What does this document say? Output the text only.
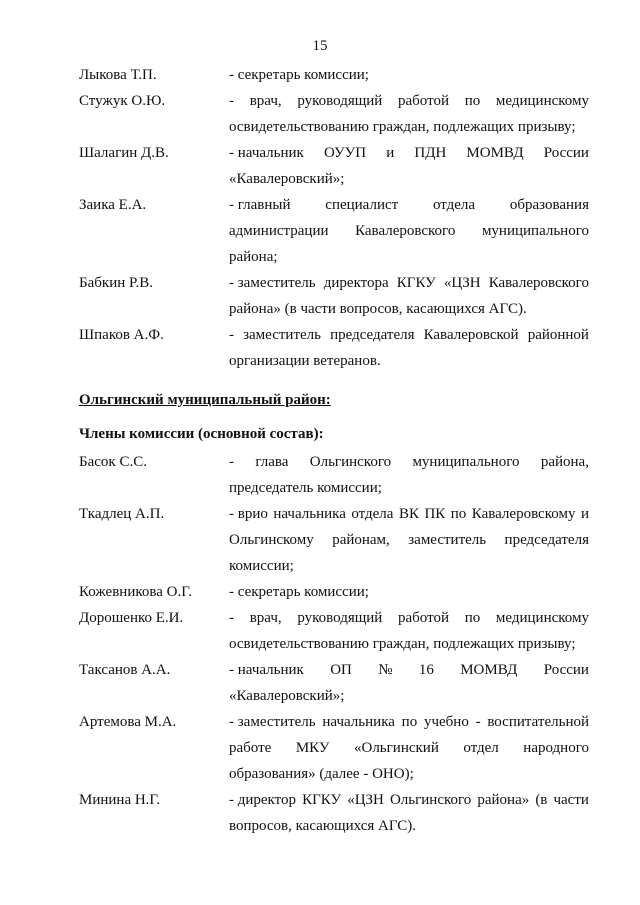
15
Лыкова Т.П.	- секретарь комиссии;
Стужук О.Ю.	- врач, руководящий работой по медицинскому
освидетельствованию граждан, подлежащих призыву;
Шалагин Д.В.	- начальник ОУУП и ПДН МОМВД России
«Кавалеровский»;
Заика Е.А.	- главный специалист отдела образования
администрации Кавалеровского муниципального
района;
Бабкин Р.В.	- заместитель директора КГКУ «ЦЗН Кавалеровского
района» (в части вопросов, касающихся АГС).
Шпаков А.Ф.	- заместитель председателя Кавалеровской районной
организации ветеранов.
Ольгинский муниципальный район:
Члены комиссии (основной состав):
Басок С.С.	- глава Ольгинского муниципального района,
председатель комиссии;
Ткадлец А.П.	- врио начальника отдела ВК ПК по Кавалеровскому и
Ольгинскому районам, заместитель председателя
комиссии;
Кожевникова О.Г.	- секретарь комиссии;
Дорошенко Е.И.	- врач, руководящий работой по медицинскому
освидетельствованию граждан, подлежащих призыву;
Таксанов А.А.	- начальник ОП № 16 МОМВД России
«Кавалеровский»;
Артемова М.А.	- заместитель начальника по учебно - воспитательной
работе МКУ «Ольгинский отдел народного
образования» (далее - ОНО);
Минина Н.Г.	- директор КГКУ «ЦЗН Ольгинского района» (в части
вопросов, касающихся АГС).
